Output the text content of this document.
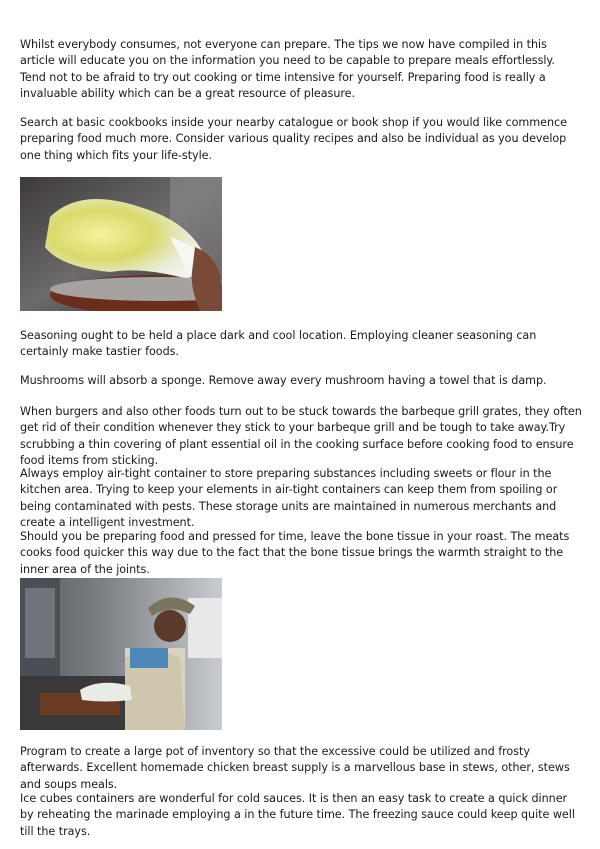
Whilst everybody consumes, not everyone can prepare. The tips we now have compiled in this article will educate you on the information you need to be capable to prepare meals effortlessly. Tend not to be afraid to try out cooking or time intensive for yourself. Preparing food is really a invaluable ability which can be a great resource of pleasure.

Search at basic cookbooks inside your nearby catalogue or book shop if you would like commence preparing food much more. Consider various quality recipes and also be individual as you develop one thing which fits your life-style.

Seasoning ought to be held a place dark and cool location. Employing cleaner seasoning can certainly make tastier foods.

Mushrooms will absorb a sponge. Remove away every mushroom having a towel that is damp.

When burgers and also other foods turn out to be stuck towards the barbeque grill grates, they often get rid of their condition whenever they stick to your barbeque grill and be tough to take away.Try scrubbing a thin covering of plant essential oil in the cooking surface before cooking food to ensure food items from sticking.

Always employ air-tight container to store preparing substances including sweets or flour in the kitchen area. Trying to keep your elements in air-tight containers can keep them from spoiling or being contaminated with pests. These storage units are maintained in numerous merchants and create a intelligent investment.

Should you be preparing food and pressed for time, leave the bone tissue in your roast. The meats cooks food quicker this way due to the fact that the bone tissue brings the warmth straight to the inner area of the joints.

Program to create a large pot of inventory so that the excessive could be utilized and frosty afterwards. Excellent homemade chicken breast supply is a marvellous base in stews, other, stews and soups meals.

Ice cubes containers are wonderful for cold sauces. It is then an easy task to create a quick dinner by reheating the marinade employing a in the future time. The freezing sauce could keep quite well till the trays.
